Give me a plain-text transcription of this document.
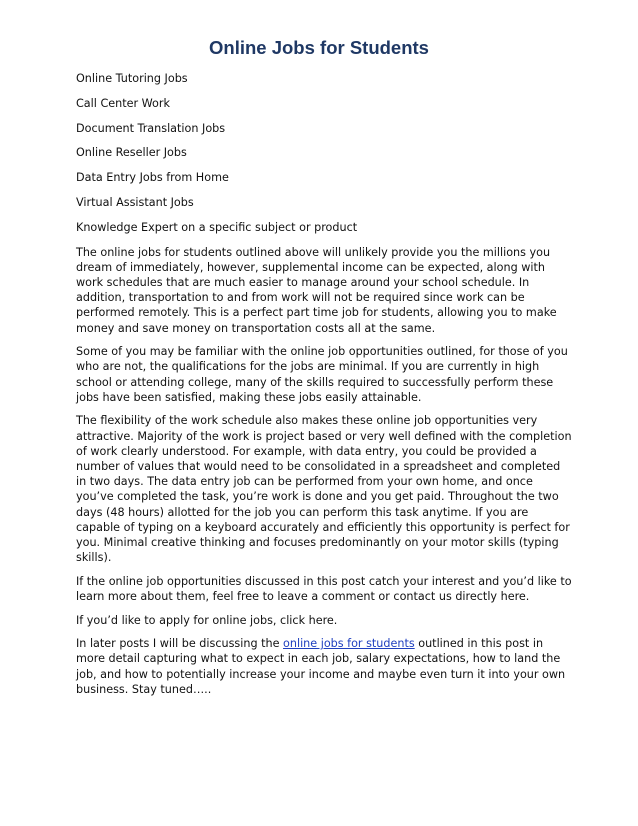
Online Jobs for Students
Online Tutoring Jobs
Call Center Work
Document Translation Jobs
Online Reseller Jobs
Data Entry Jobs from Home
Virtual Assistant Jobs
Knowledge Expert on a specific subject or product

The online jobs for students outlined above will unlikely provide you the millions you dream of immediately, however, supplemental income can be expected, along with work schedules that are much easier to manage around your school schedule. In addition, transportation to and from work will not be required since work can be performed remotely. This is a perfect part time job for students, allowing you to make money and save money on transportation costs all at the same.

Some of you may be familiar with the online job opportunities outlined, for those of you who are not, the qualifications for the jobs are minimal. If you are currently in high school or attending college, many of the skills required to successfully perform these jobs have been satisfied, making these jobs easily attainable.

The flexibility of the work schedule also makes these online job opportunities very attractive. Majority of the work is project based or very well defined with the completion of work clearly understood. For example, with data entry, you could be provided a number of values that would need to be consolidated in a spreadsheet and completed in two days. The data entry job can be performed from your own home, and once you’ve completed the task, you’re work is done and you get paid. Throughout the two days (48 hours) allotted for the job you can perform this task anytime. If you are capable of typing on a keyboard accurately and efficiently this opportunity is perfect for you. Minimal creative thinking and focuses predominantly on your motor skills (typing skills).

If the online job opportunities discussed in this post catch your interest and you’d like to learn more about them, feel free to leave a comment or contact us directly here.

If you’d like to apply for online jobs, click here.

In later posts I will be discussing the online jobs for students outlined in this post in more detail capturing what to expect in each job, salary expectations, how to land the job, and how to potentially increase your income and maybe even turn it into your own business. Stay tuned…..
